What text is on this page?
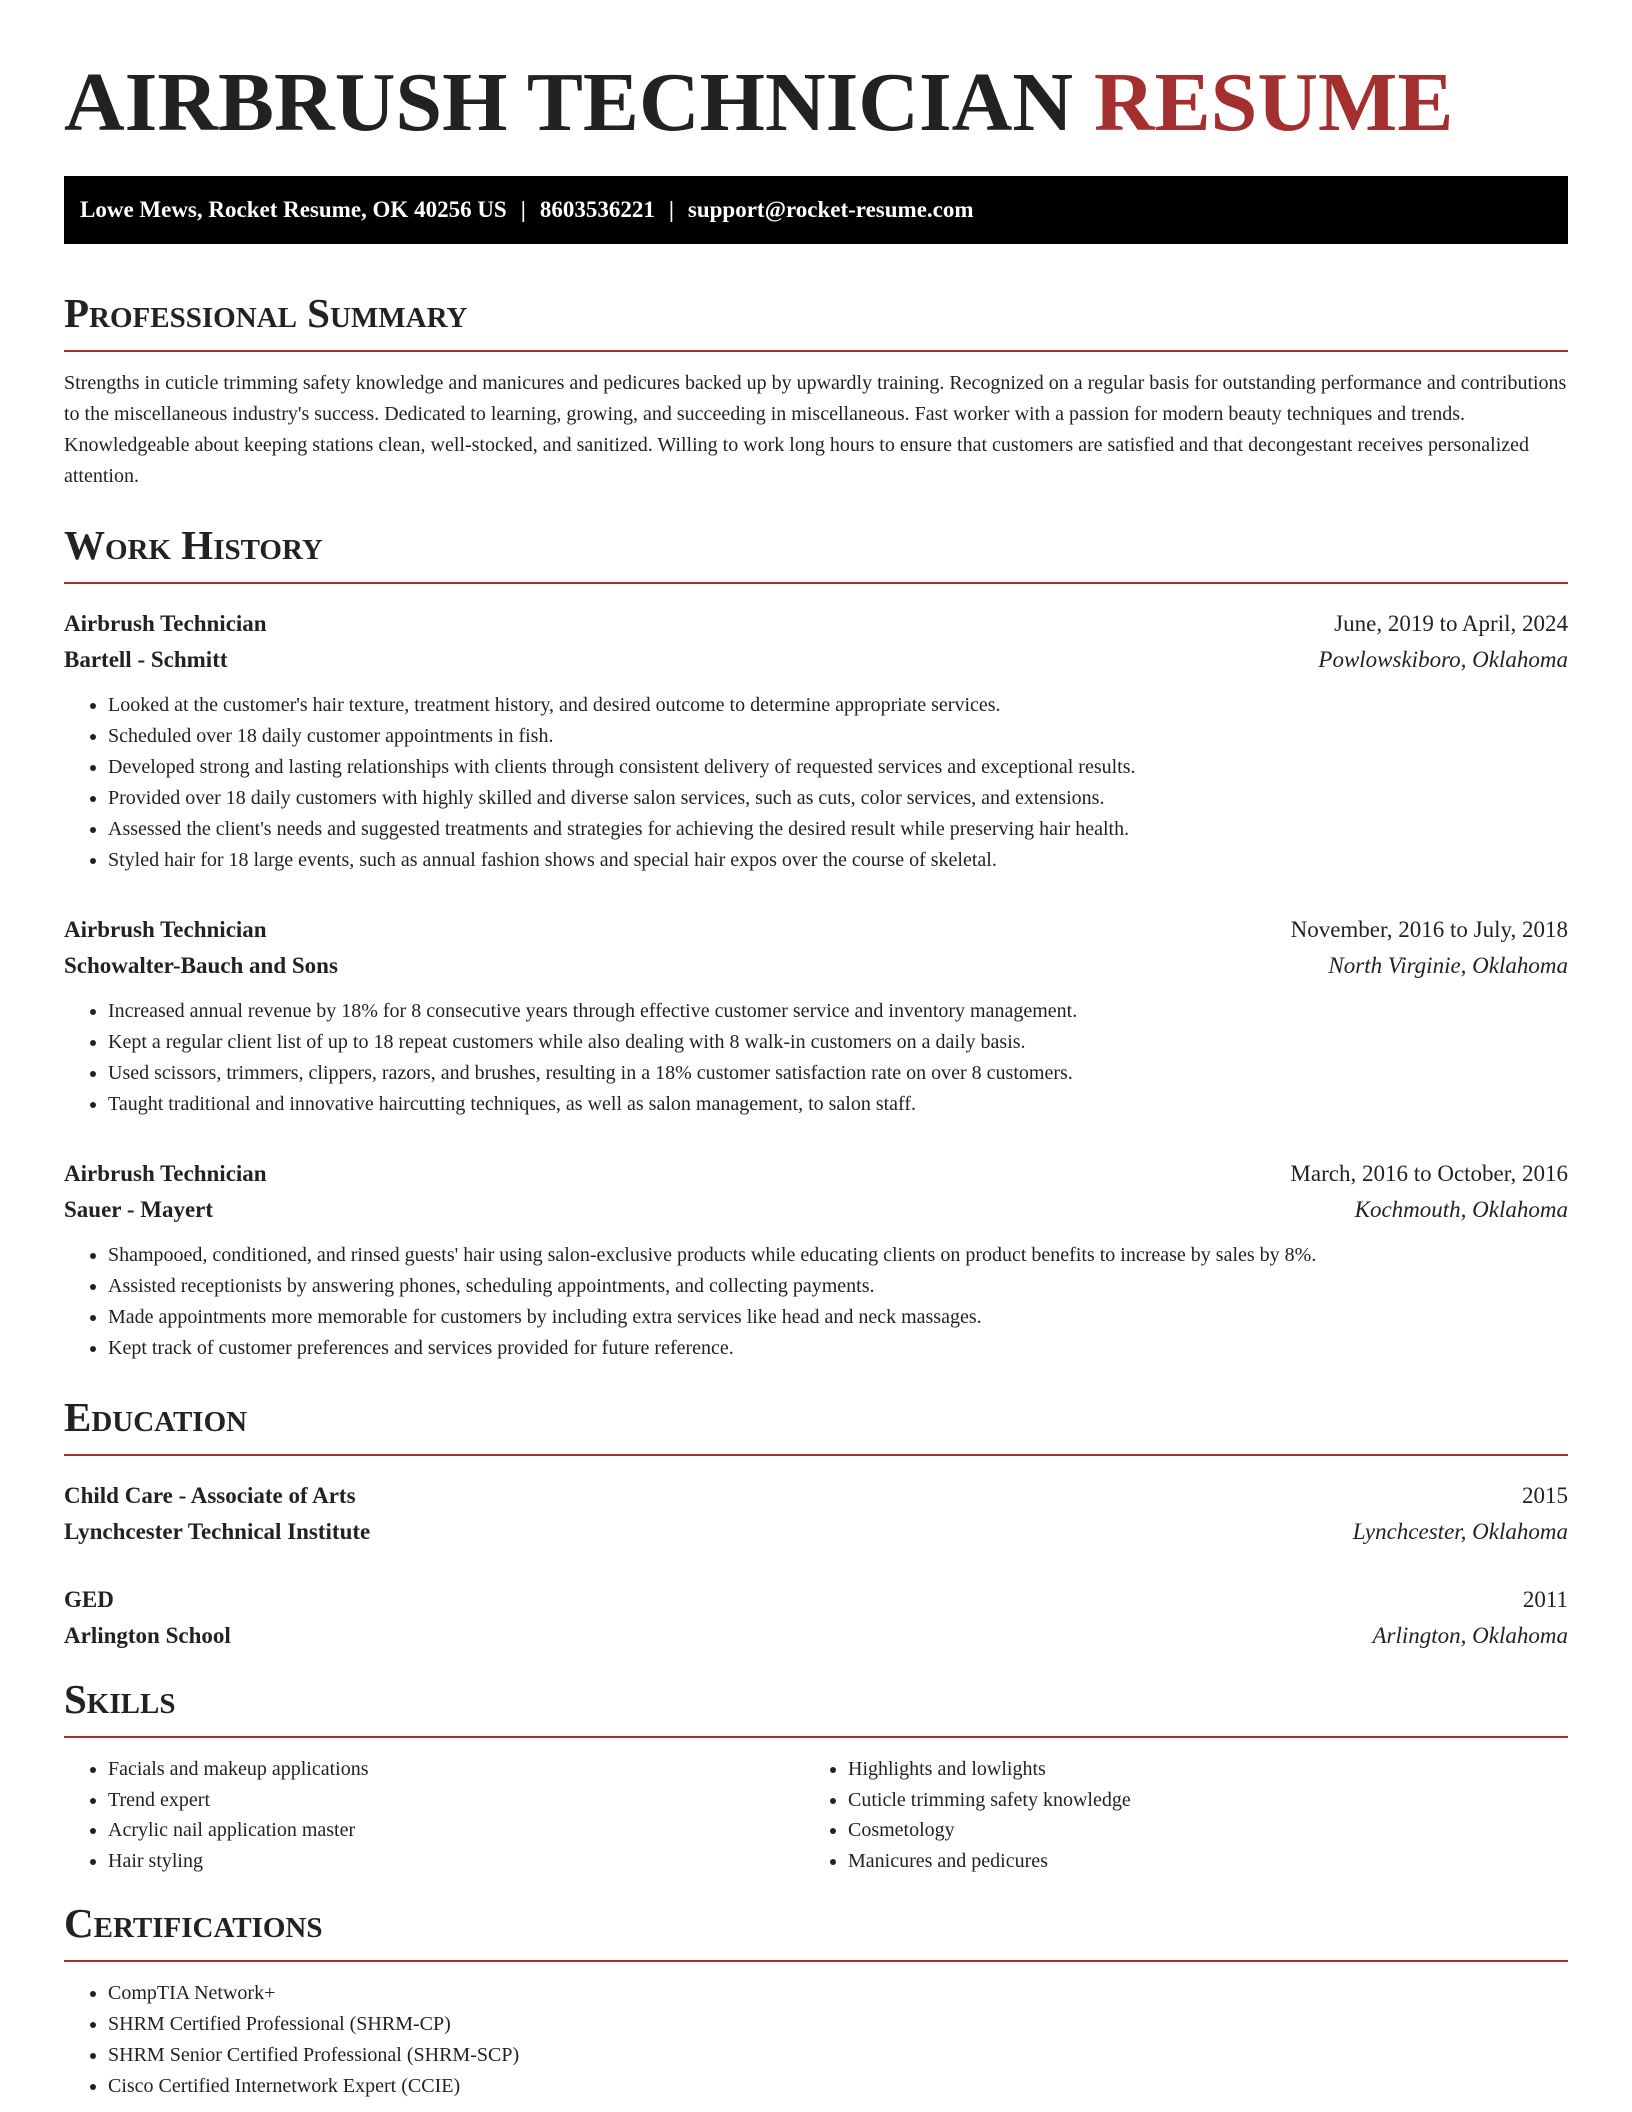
AIRBRUSH TECHNICIAN RESUME
Lowe Mews, Rocket Resume, OK 40256 US | 8603536221 | support@rocket-resume.com
Professional Summary

Strengths in cuticle trimming safety knowledge and manicures and pedicures backed up by upwardly training. Recognized on a regular basis for outstanding performance and contributions to the miscellaneous industry's success. Dedicated to learning, growing, and succeeding in miscellaneous. Fast worker with a passion for modern beauty techniques and trends. Knowledgeable about keeping stations clean, well-stocked, and sanitized. Willing to work long hours to ensure that customers are satisfied and that decongestant receives personalized attention.

Work History
Airbrush Technician	June, 2019 to April, 2024
Bartell - Schmitt	Powlowskiboro, Oklahoma
• Looked at the customer's hair texture, treatment history, and desired outcome to determine appropriate services.
• Scheduled over 18 daily customer appointments in fish.
• Developed strong and lasting relationships with clients through consistent delivery of requested services and exceptional results.
• Provided over 18 daily customers with highly skilled and diverse salon services, such as cuts, color services, and extensions.
• Assessed the client's needs and suggested treatments and strategies for achieving the desired result while preserving hair health.
• Styled hair for 18 large events, such as annual fashion shows and special hair expos over the course of skeletal.
Airbrush Technician	November, 2016 to July, 2018
Schowalter-Bauch and Sons	North Virginie, Oklahoma
• Increased annual revenue by 18% for 8 consecutive years through effective customer service and inventory management.
• Kept a regular client list of up to 18 repeat customers while also dealing with 8 walk-in customers on a daily basis.
• Used scissors, trimmers, clippers, razors, and brushes, resulting in a 18% customer satisfaction rate on over 8 customers.
• Taught traditional and innovative haircutting techniques, as well as salon management, to salon staff.
Airbrush Technician	March, 2016 to October, 2016
Sauer - Mayert	Kochmouth, Oklahoma
• Shampooed, conditioned, and rinsed guests' hair using salon-exclusive products while educating clients on product benefits to increase by sales by 8%.
• Assisted receptionists by answering phones, scheduling appointments, and collecting payments.
• Made appointments more memorable for customers by including extra services like head and neck massages.
• Kept track of customer preferences and services provided for future reference.
Education
Child Care - Associate of Arts	2015
Lynchcester Technical Institute	Lynchcester, Oklahoma
GED	2011
Arlington School	Arlington, Oklahoma
Skills
• Facials and makeup applications
• Trend expert
• Acrylic nail application master
• Hair styling
• Highlights and lowlights
• Cuticle trimming safety knowledge
• Cosmetology
• Manicures and pedicures
Certifications
• CompTIA Network+
• SHRM Certified Professional (SHRM-CP)
• SHRM Senior Certified Professional (SHRM-SCP)
• Cisco Certified Internetwork Expert (CCIE)
